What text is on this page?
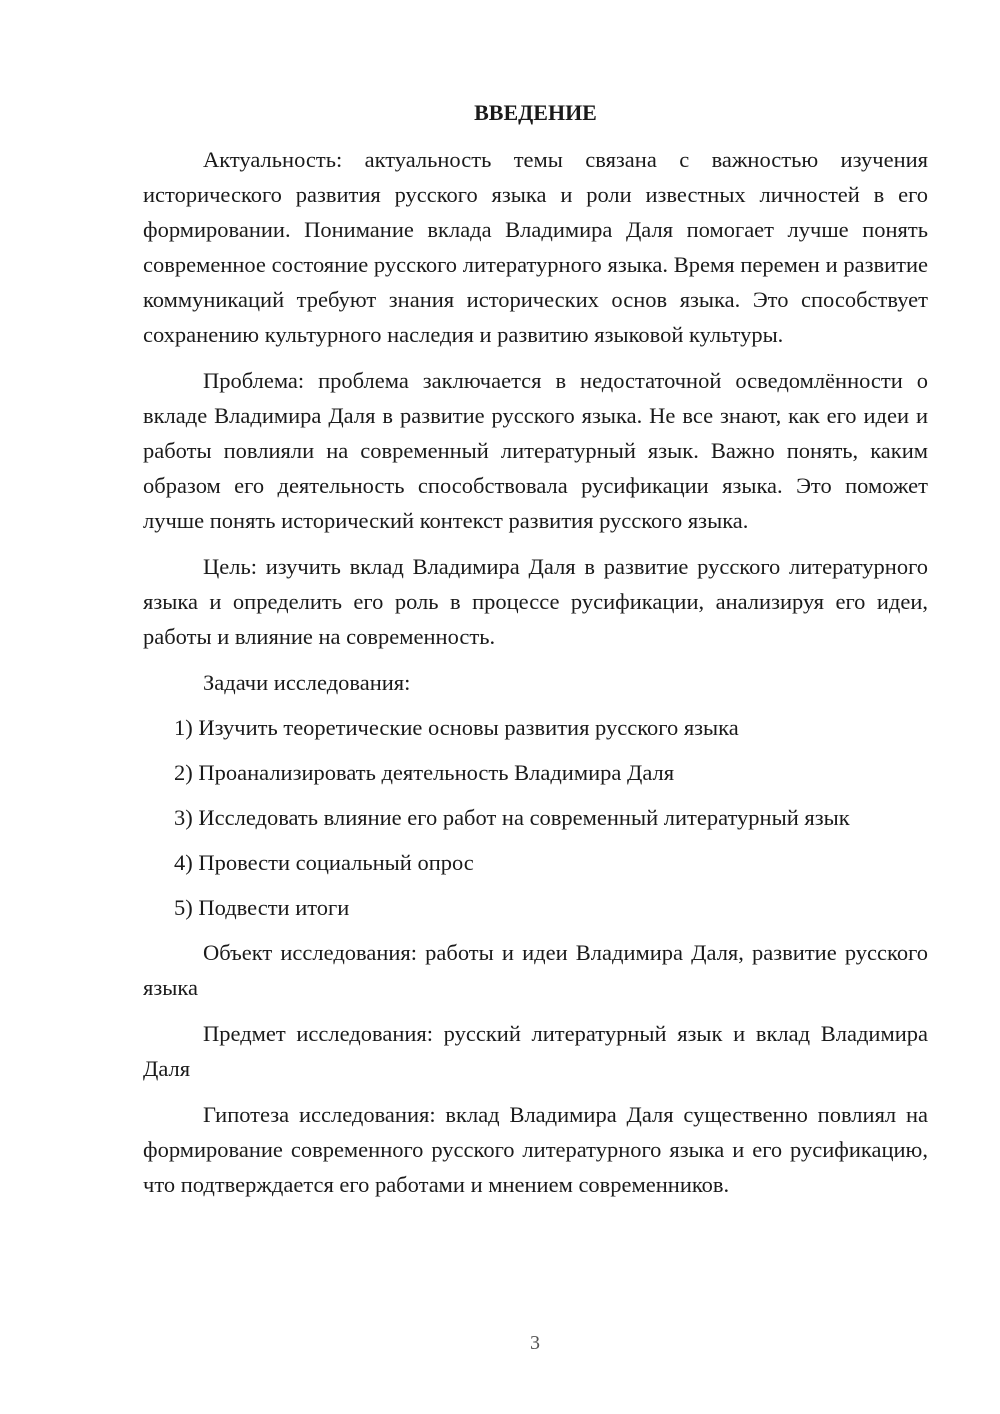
ВВЕДЕНИЕ

Актуальность: актуальность темы связана с важностью изучения исторического развития русского языка и роли известных личностей в его формировании. Понимание вклада Владимира Даля помогает лучше понять современное состояние русского литературного языка. Время перемен и развитие коммуникаций требуют знания исторических основ языка. Это способствует сохранению культурного наследия и развитию языковой культуры.

Проблема: проблема заключается в недостаточной осведомлённости о вкладе Владимира Даля в развитие русского языка. Не все знают, как его идеи и работы повлияли на современный литературный язык. Важно понять, каким образом его деятельность способствовала русификации языка. Это поможет лучше понять исторический контекст развития русского языка.

Цель: изучить вклад Владимира Даля в развитие русского литературного языка и определить его роль в процессе русификации, анализируя его идеи, работы и влияние на современность.

Задачи исследования:
1) Изучить теоретические основы развития русского языка
2) Проанализировать деятельность Владимира Даля
3) Исследовать влияние его работ на современный литературный язык
4) Провести социальный опрос
5) Подвести итоги

Объект исследования: работы и идеи Владимира Даля, развитие русского языка

Предмет исследования: русский литературный язык и вклад Владимира Даля

Гипотеза исследования: вклад Владимира Даля существенно повлиял на формирование современного русского литературного языка и его русификацию, что подтверждается его работами и мнением современников.

3
